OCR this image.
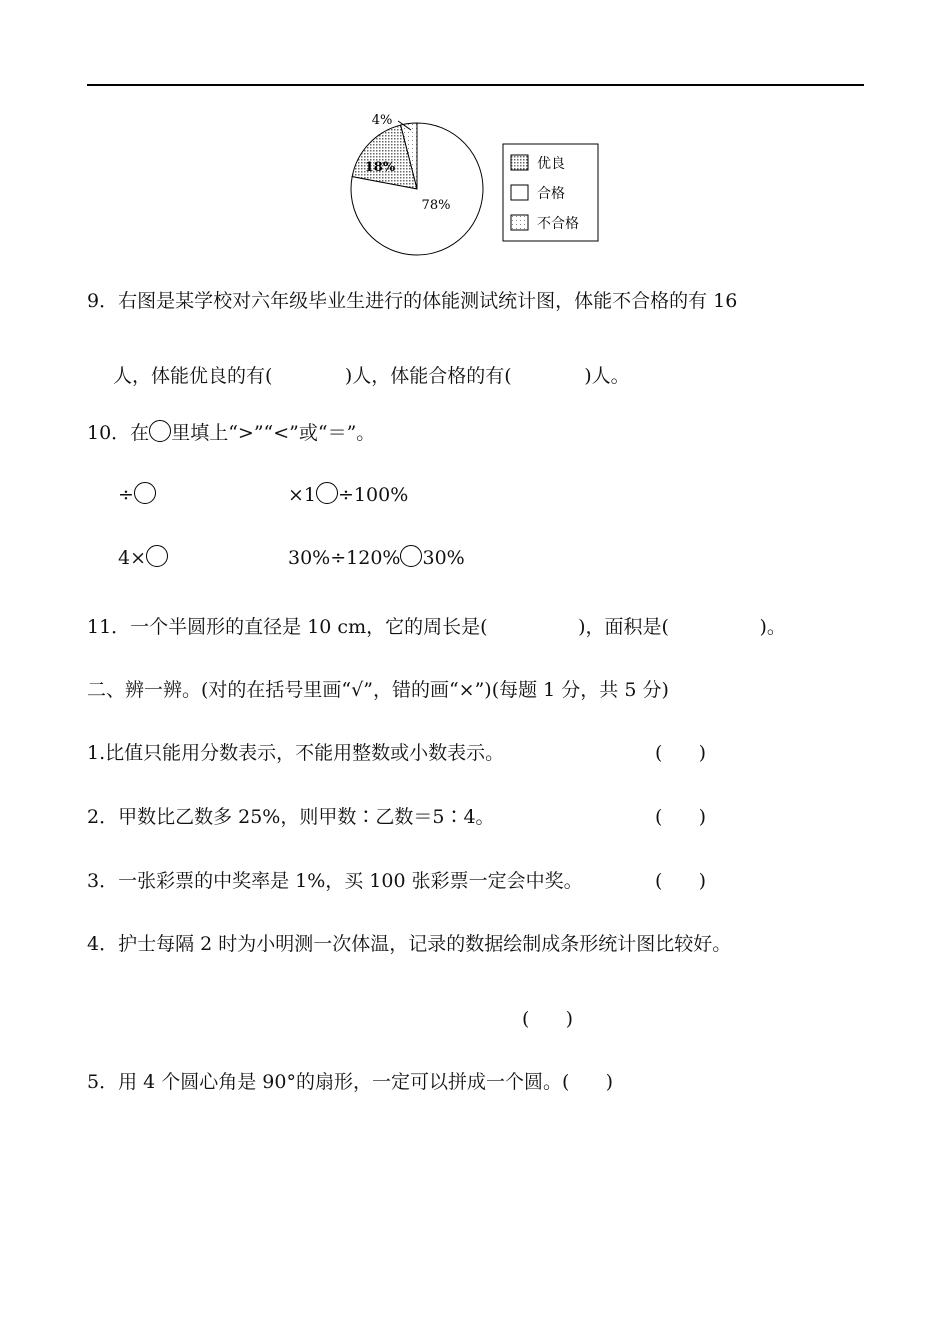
18%
78%
4%
优良
合格
不合格
9．右图是某学校对六年级毕业生进行的体能测试统计图，体能不合格的有 16
人，体能优良的有(            )人，体能合格的有(            )人。
10．在 里填上“>”“<”或“＝”。
÷	×1 ÷100%
4×	30%÷120% 30%
11．一个半圆形的直径是 10 cm，它的周长是(               )，面积是(               )。
二、辨一辨。(对的在括号里画“√”，错的画“×”)(每题 1 分，共 5 分)
1.比值只能用分数表示，不能用整数或小数表示。	(      )
2．甲数比乙数多 25%，则甲数∶乙数＝5∶4。	(      )
3．一张彩票的中奖率是 1%，买 100 张彩票一定会中奖。	(      )
4．护士每隔 2 时为小明测一次体温，记录的数据绘制成条形统计图比较好。
(      )
5．用 4 个圆心角是 90°的扇形，一定可以拼成一个圆。(      )
